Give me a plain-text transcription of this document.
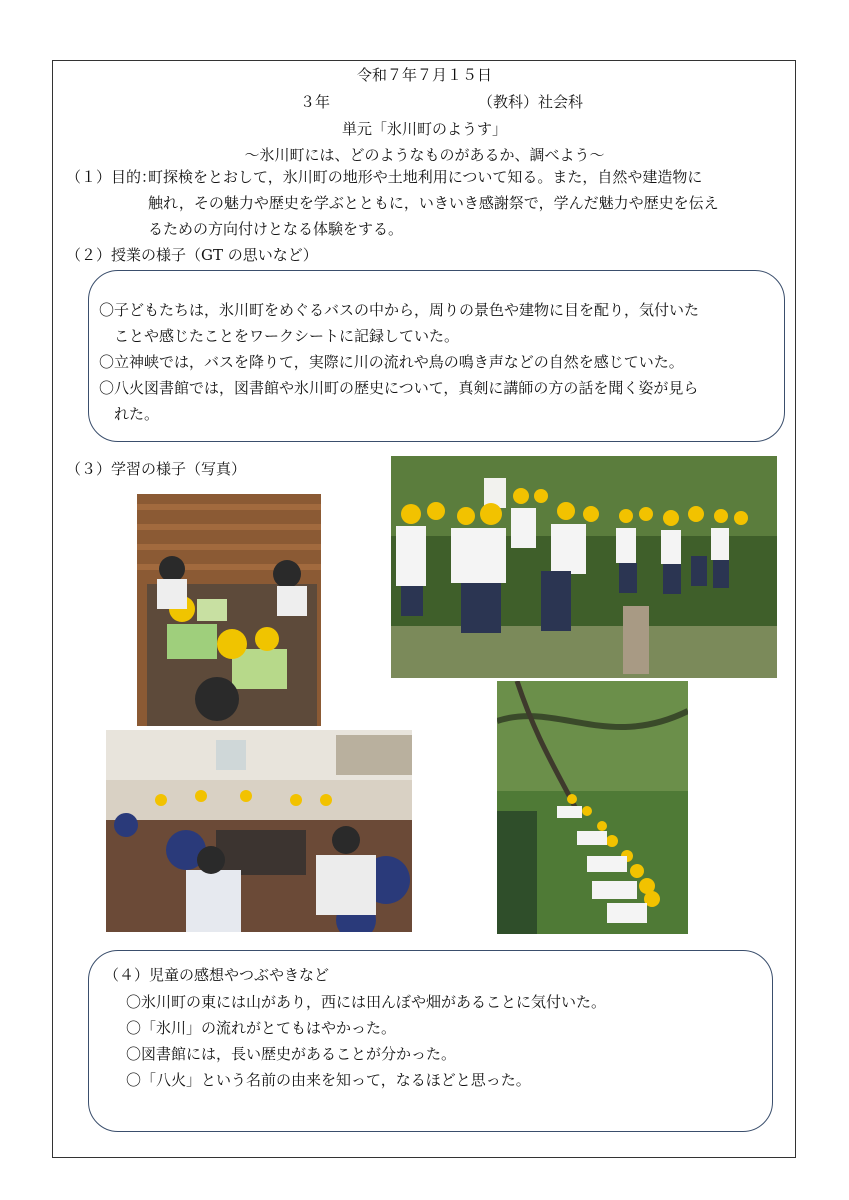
令和７年７月１５日
３年	（教科）社会科
単元「氷川町のようす」
～氷川町には、どのようなものがあるか、調べよう～
（１）目的：
町探検をとおして，氷川町の地形や土地利用について知る。また，自然や建造物に
触れ，その魅力や歴史を学ぶとともに，いきいき感謝祭で，学んだ魅力や歴史を伝え
るための方向付けとなる体験をする。
（２）授業の様子（GT の思いなど）

〇子どもたちは，氷川町をめぐるバスの中から，周りの景色や建物に目を配り，気付いた

　ことや感じたことをワークシートに記録していた。

〇立神峡では，バスを降りて，実際に川の流れや鳥の鳴き声などの自然を感じていた。

〇八火図書館では，図書館や氷川町の歴史について，真剣に講師の方の話を聞く姿が見ら

　れた。

（３）学習の様子（写真）
（４）児童の感想やつぶやきなど
〇氷川町の東には山があり，西には田んぼや畑があることに気付いた。
〇「氷川」の流れがとてもはやかった。
〇図書館には，長い歴史があることが分かった。
〇「八火」という名前の由来を知って，なるほどと思った。
